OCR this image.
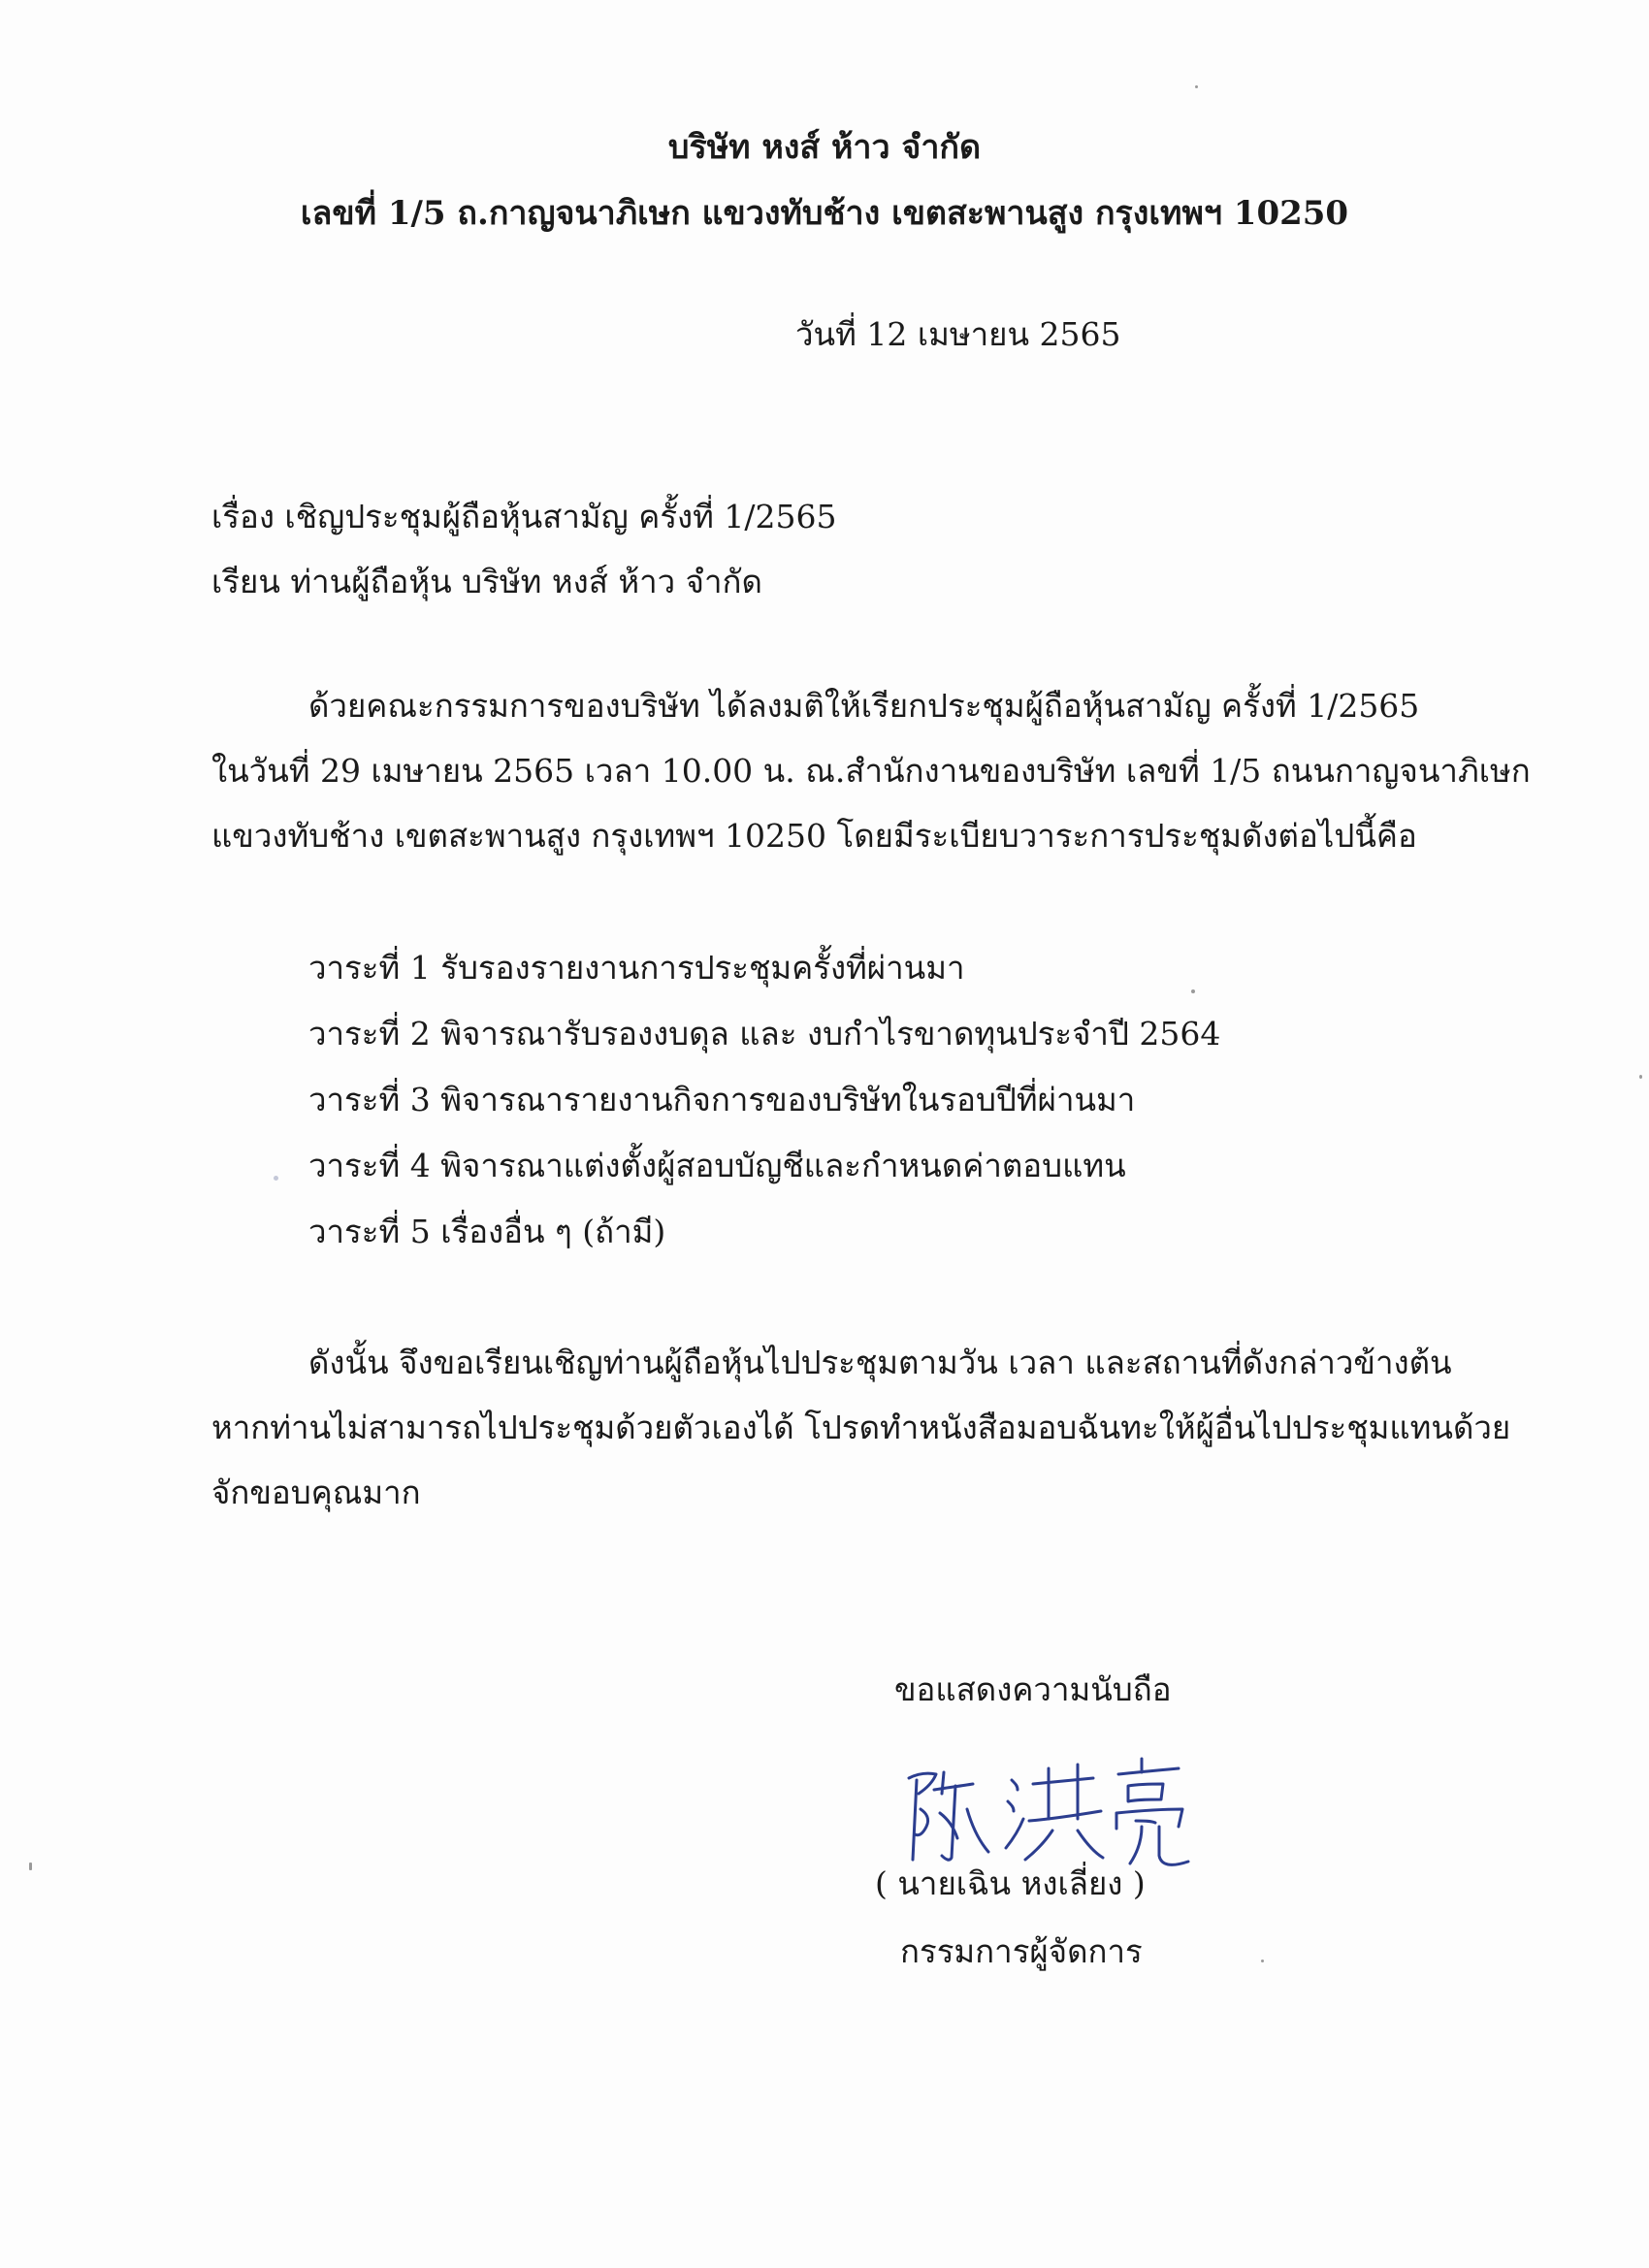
บริษัท หงส์ ห้าว จำกัด
เลขที่ 1/5 ถ.กาญจนาภิเษก แขวงทับช้าง เขตสะพานสูง กรุงเทพฯ 10250
วันที่ 12 เมษายน 2565
เรื่อง เชิญประชุมผู้ถือหุ้นสามัญ ครั้งที่ 1/2565
เรียน ท่านผู้ถือหุ้น บริษัท หงส์ ห้าว จำกัด
ด้วยคณะกรรมการของบริษัท ได้ลงมติให้เรียกประชุมผู้ถือหุ้นสามัญ ครั้งที่ 1/2565
ในวันที่ 29 เมษายน 2565 เวลา 10.00 น. ณ.สำนักงานของบริษัท เลขที่ 1/5 ถนนกาญจนาภิเษก
แขวงทับช้าง เขตสะพานสูง กรุงเทพฯ 10250 โดยมีระเบียบวาระการประชุมดังต่อไปนี้คือ
วาระที่ 1 รับรองรายงานการประชุมครั้งที่ผ่านมา
วาระที่ 2 พิจารณารับรองงบดุล และ งบกำไรขาดทุนประจำปี 2564
วาระที่ 3 พิจารณารายงานกิจการของบริษัทในรอบปีที่ผ่านมา
วาระที่ 4 พิจารณาแต่งตั้งผู้สอบบัญชีและกำหนดค่าตอบแทน
วาระที่ 5 เรื่องอื่น ๆ (ถ้ามี)
ดังนั้น จึงขอเรียนเชิญท่านผู้ถือหุ้นไปประชุมตามวัน เวลา และสถานที่ดังกล่าวข้างต้น
หากท่านไม่สามารถไปประชุมด้วยตัวเองได้ โปรดทำหนังสือมอบฉันทะให้ผู้อื่นไปประชุมแทนด้วย
จักขอบคุณมาก
ขอแสดงความนับถือ
( นายเฉิน หงเลี่ยง )
กรรมการผู้จัดการ
